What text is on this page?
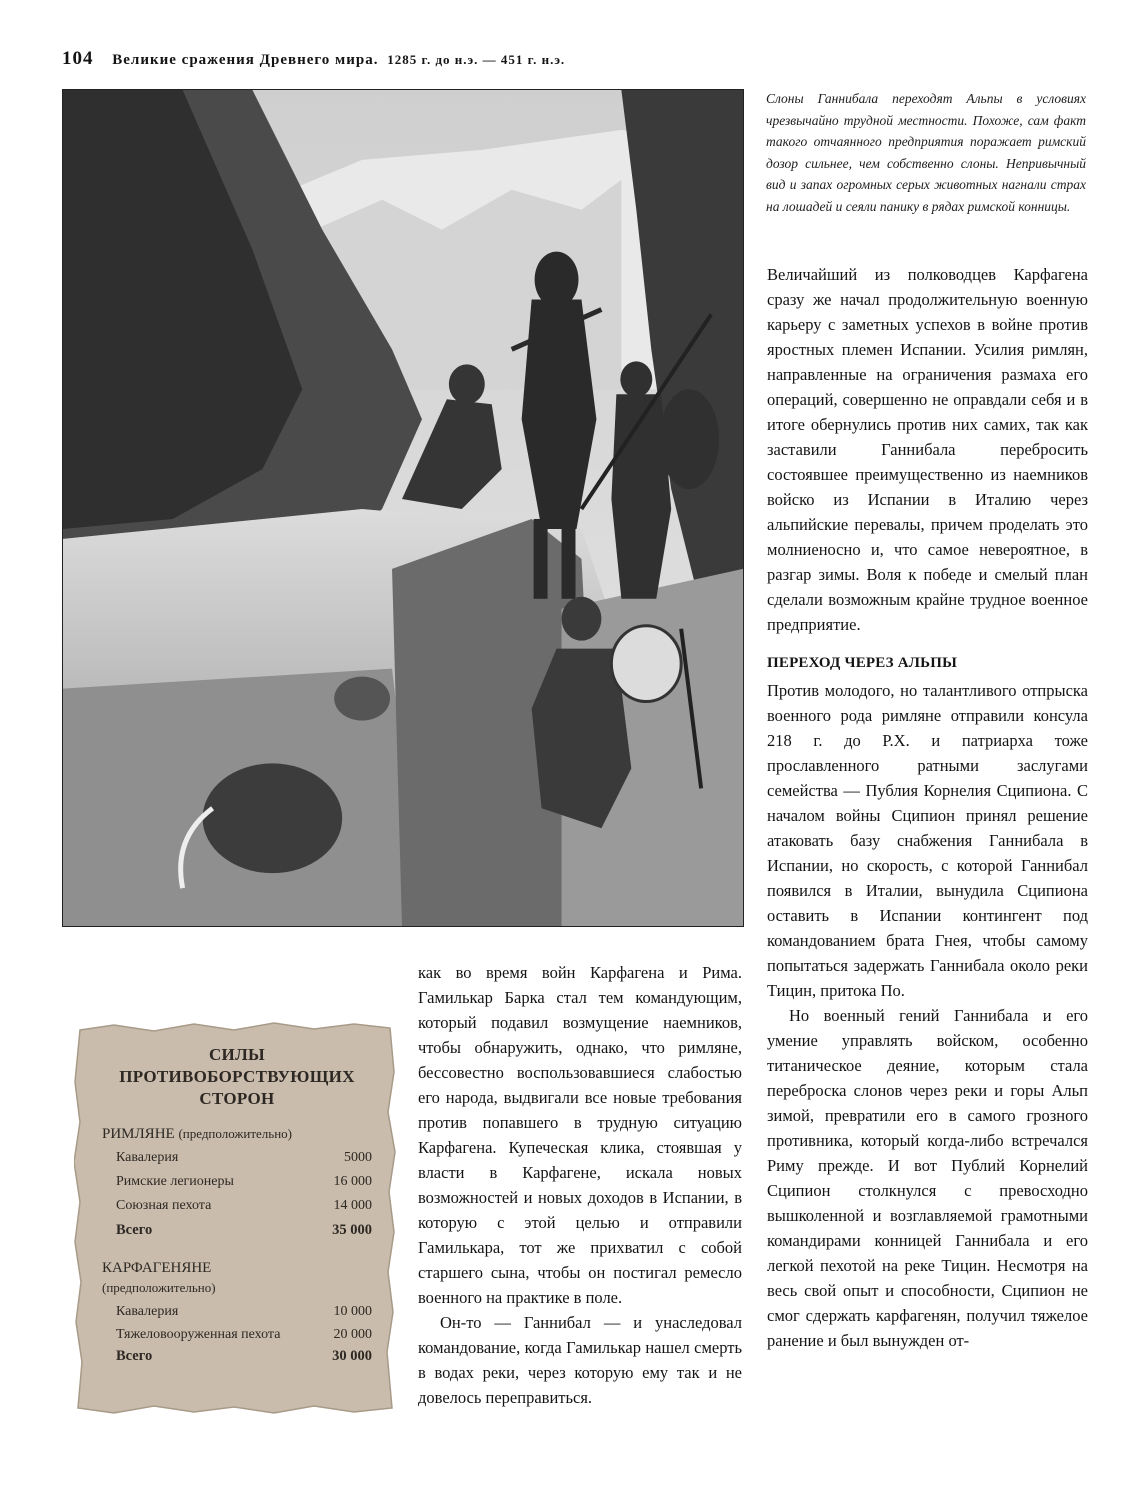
104 Великие сражения Древнего мира. 1285 г. до н.э. — 451 г. н.э.

Слоны Ганнибала переходят Альпы в условиях чрезвычайно трудной местности. Похоже, сам факт такого отчаянного предприятия поражает римский дозор сильнее, чем собственно слоны. Непривычный вид и запах огромных серых животных нагнали страх на лошадей и сеяли панику в рядах римской конницы.

Величайший из полководцев Карфагена сразу же начал продолжительную военную карьеру с заметных успехов в войне против яростных племен Испании. Усилия римлян, направленные на ограничения размаха его операций, совершенно не оправдали себя и в итоге обернулись против них самих, так как заставили Ганнибала перебросить состоявшее преимущественно из наемников войско из Испании в Италию через альпийские перевалы, причем проделать это молниеносно и, что самое невероятное, в разгар зимы. Воля к победе и смелый план сделали возможным крайне трудное военное предприятие.

ПЕРЕХОД ЧЕРЕЗ АЛЬПЫ

Против молодого, но талантливого отпрыска военного рода римляне отправили консула 218 г. до Р.Х. и патриарха тоже прославленного ратными заслугами семейства — Публия Корнелия Сципиона. С началом войны Сципион принял решение атаковать базу снабжения Ганнибала в Испании, но скорость, с которой Ганнибал появился в Италии, вынудила Сципиона оставить в Испании контингент под командованием брата Гнея, чтобы самому попытаться задержать Ганнибала около реки Тицин, притока По.

Но военный гений Ганнибала и его умение управлять войском, особенно титаническое деяние, которым стала переброска слонов через реки и горы Альп зимой, превратили его в самого грозного противника, который когда-либо встречался Риму прежде. И вот Публий Корнелий Сципион столкнулся с превосходно вышколенной и возглавляемой грамотными командирами конницей Ганнибала и его легкой пехотой на реке Тицин. Несмотря на весь свой опыт и способности, Сципион не смог сдержать карфагенян, получил тяжелое ранение и был вынужден от-

как во время войн Карфагена и Рима. Гамилькар Барка стал тем командующим, который подавил возмущение наемников, чтобы обнаружить, однако, что римляне, бессовестно воспользовавшиеся слабостью его народа, выдвигали все новые требования против попавшего в трудную ситуацию Карфагена. Купеческая клика, стоявшая у власти в Карфагене, искала новых возможностей и новых доходов в Испании, в которую с этой целью и отправили Гамилькара, тот же прихватил с собой старшего сына, чтобы он постигал ремесло военного на практике в поле.

Он-то — Ганнибал — и унаследовал командование, когда Гамилькар нашел смерть в водах реки, через которую ему так и не довелось переправиться.

СИЛЫ ПРОТИВОБОРСТВУЮЩИХ СТОРОН
РИМЛЯНЕ (предположительно)
Кавалерия	5000
Римские легионеры	16 000
Союзная пехота	14 000
Всего	35 000
КАРФАГЕНЯНЕ
(предположительно)
Кавалерия	10 000
Тяжеловооруженная пехота	20 000
Всего	30 000
